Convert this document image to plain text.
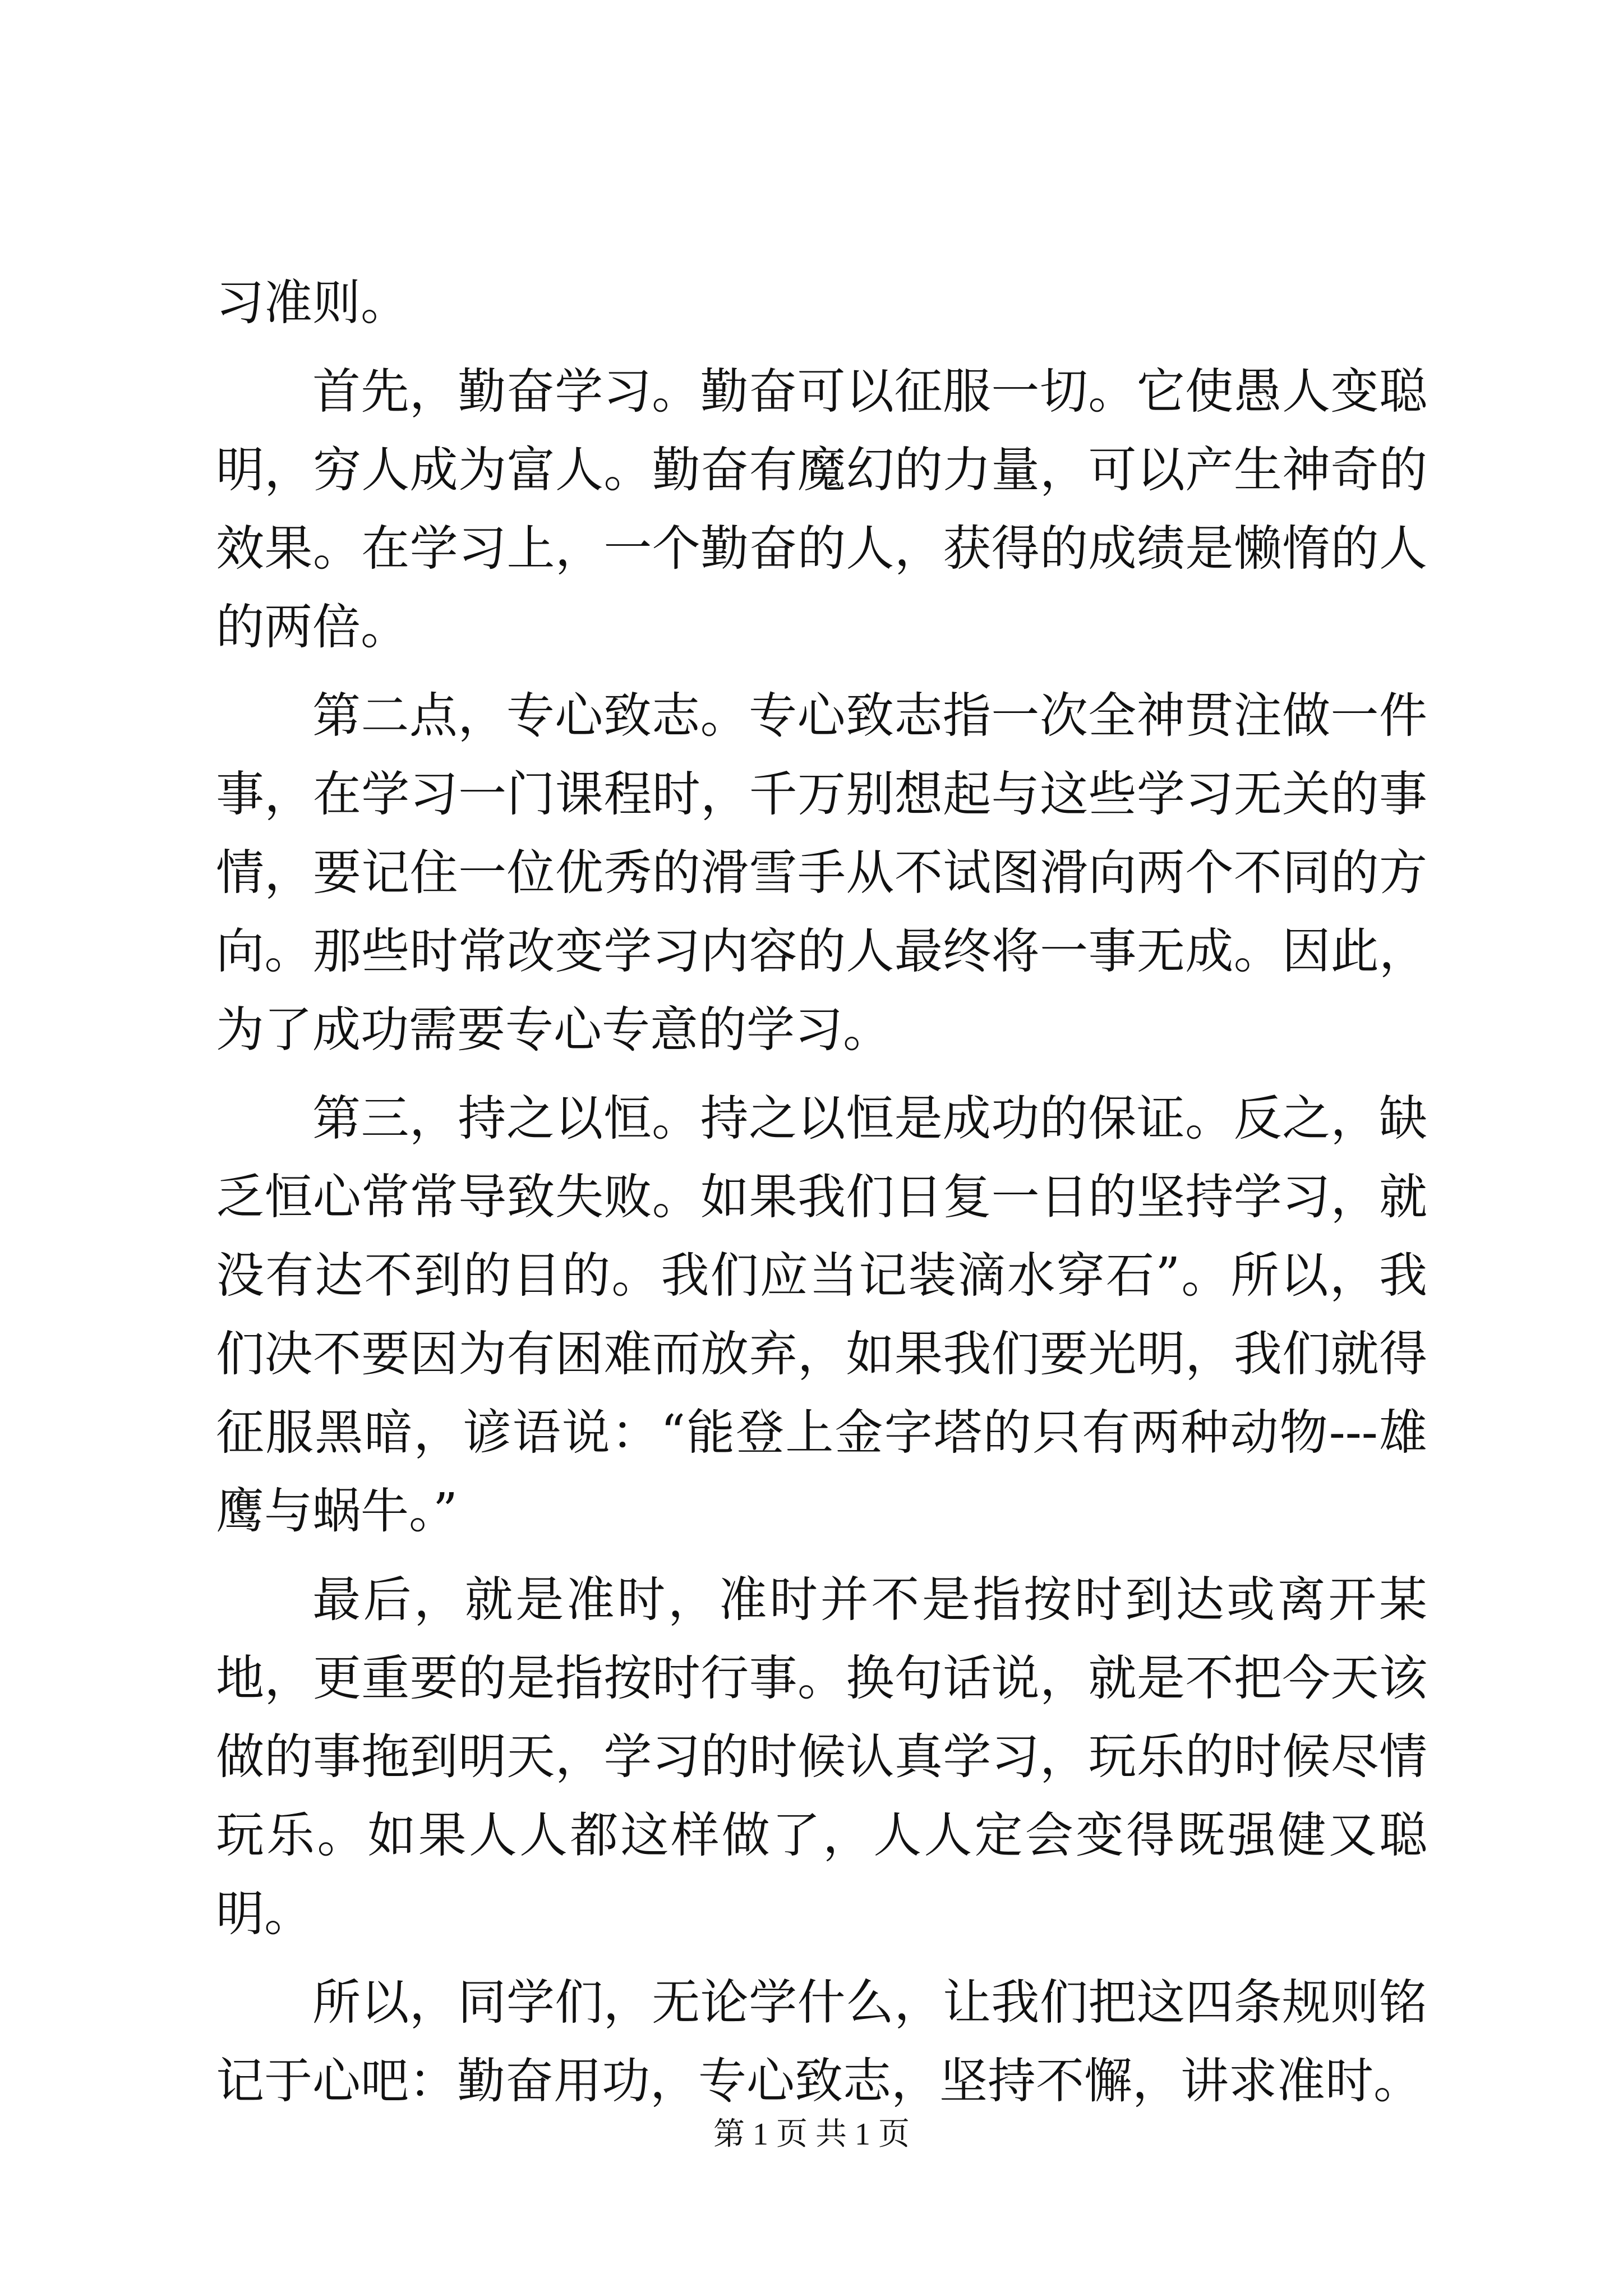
习准则。

首先，勤奋学习。勤奋可以征服一切。它使愚人变聪明，穷人成为富人。勤奋有魔幻的力量，可以产生神奇的效果。在学习上，一个勤奋的人，获得的成绩是懒惰的人的两倍。

第二点，专心致志。专心致志指一次全神贯注做一件事，在学习一门课程时，千万别想起与这些学习无关的事情，要记住一位优秀的滑雪手从不试图滑向两个不同的方向。那些时常改变学习内容的人最终将一事无成。因此，为了成功需要专心专意的学习。

第三，持之以恒。持之以恒是成功的保证。反之，缺乏恒心常常导致失败。如果我们日复一日的坚持学习，就没有达不到的目的。我们应当记装滴水穿石”。所以，我们决不要因为有困难而放弃，如果我们要光明，我们就得征服黑暗，谚语说：“能登上金字塔的只有两种动物---雄鹰与蜗牛。”

最后，就是准时，准时并不是指按时到达或离开某地，更重要的是指按时行事。换句话说，就是不把今天该做的事拖到明天，学习的时候认真学习，玩乐的时候尽情玩乐。如果人人都这样做了，人人定会变得既强健又聪明。

所以，同学们，无论学什么，让我们把这四条规则铭记于心吧：勤奋用功，专心致志，坚持不懈，讲求准时。

第 1 页 共 1 页
